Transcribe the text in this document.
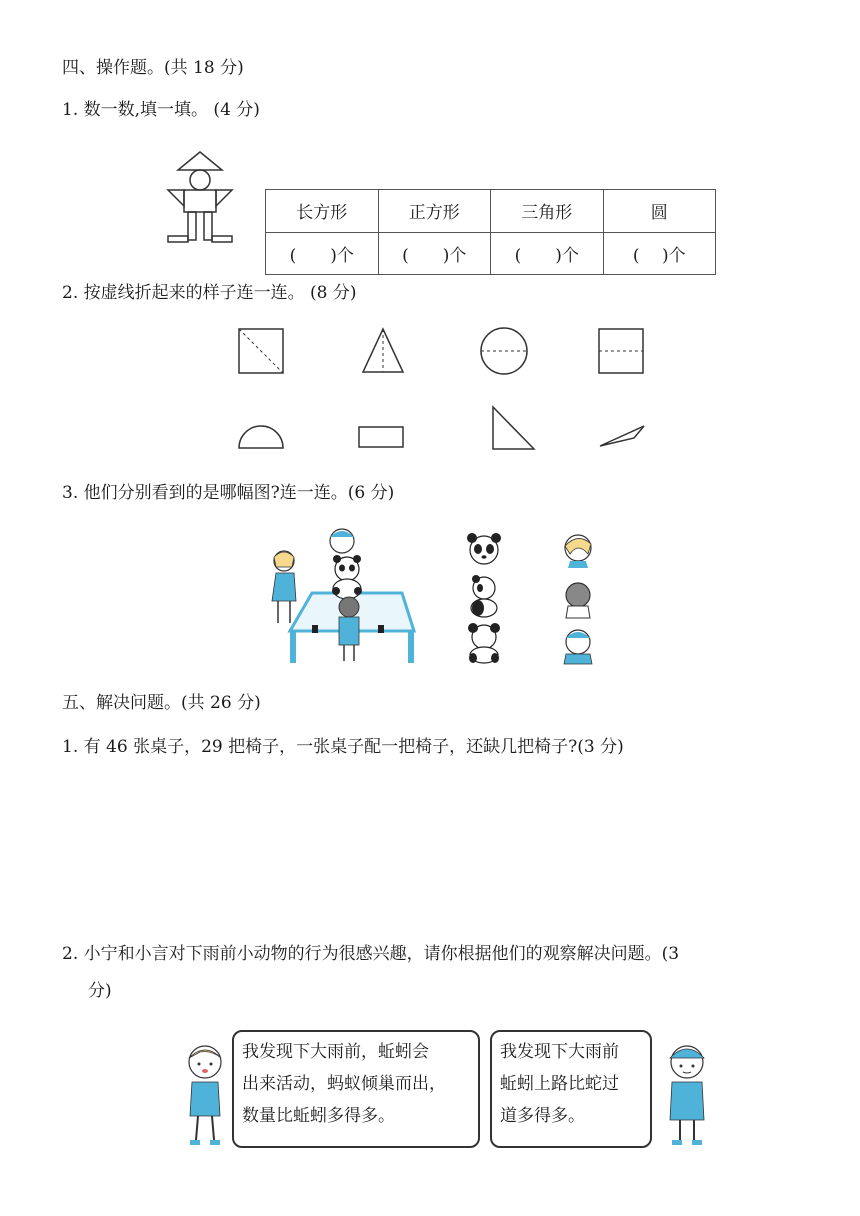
四、操作题。(共 18 分)
1. 数一数,填一填。 (4 分)
长方形	正方形	三角形	圆
(　　)个	(　　)个	(　　)个	(　 )个
2. 按虚线折起来的样子连一连。 (8 分)
3. 他们分别看到的是哪幅图?连一连。(6 分)
五、解决问题。(共 26 分)
1. 有 46 张桌子，29 把椅子，一张桌子配一把椅子，还缺几把椅子?(3 分)
2. 小宁和小言对下雨前小动物的行为很感兴趣，请你根据他们的观察解决问题。(3
分)
我发现下大雨前，蚯蚓会
出来活动，蚂蚁倾巢而出，
数量比蚯蚓多得多。
我发现下大雨前
蚯蚓上路比蛇过
道多得多。
